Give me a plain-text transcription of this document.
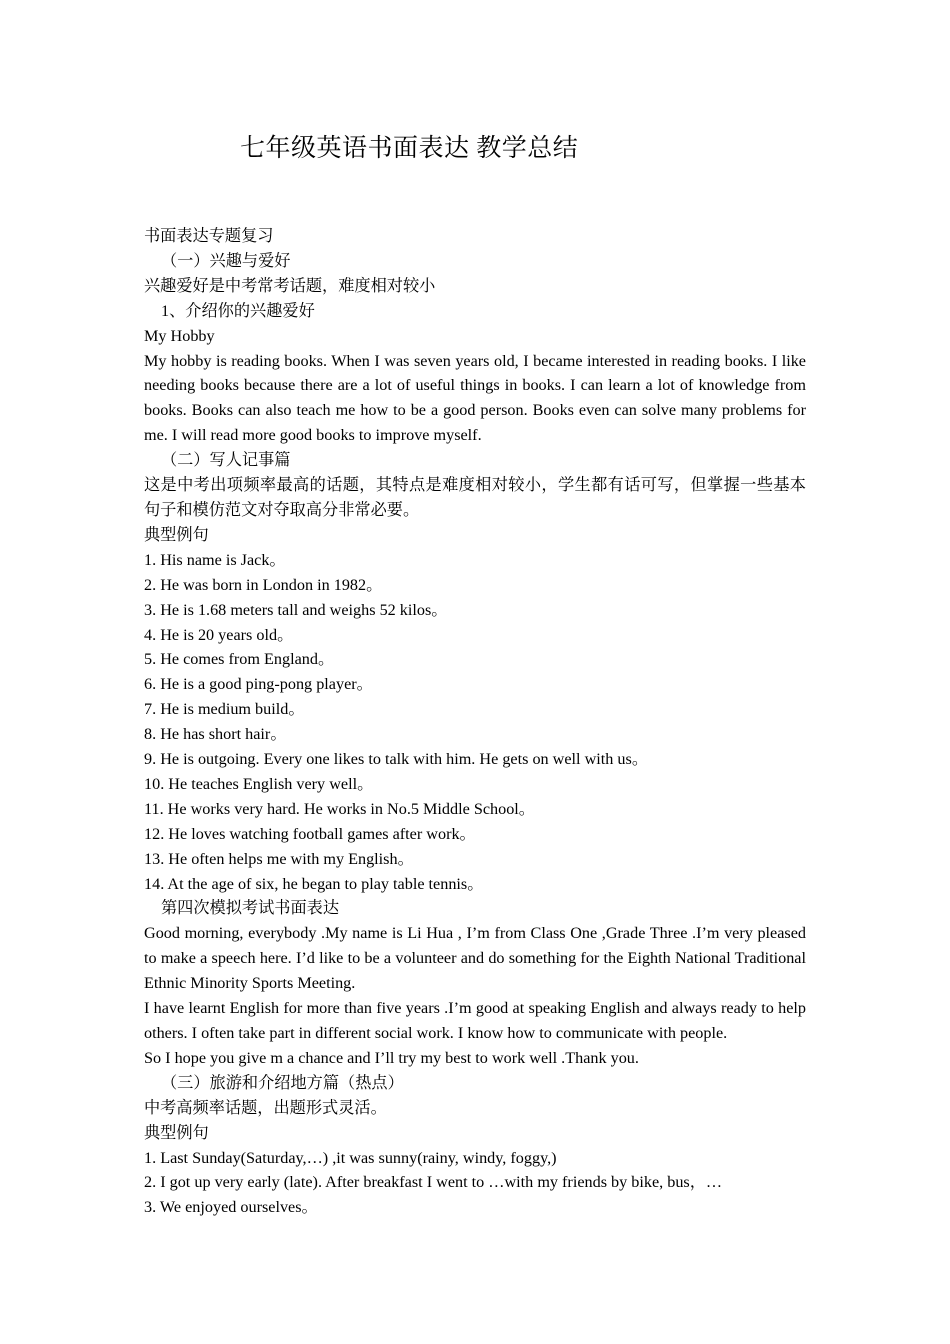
七年级英语书面表达 教学总结
书面表达专题复习
（一）兴趣与爱好
兴趣爱好是中考常考话题，难度相对较小
1、介绍你的兴趣爱好
My Hobby
My hobby is reading books. When I was seven years old, I became interested in reading books. I like needing books because there are a lot of useful things in books. I can learn a lot of knowledge from books. Books can also teach me how to be a good person. Books even can solve many problems for me. I will read more good books to improve myself.
（二）写人记事篇
这是中考出项频率最高的话题，其特点是难度相对较小，学生都有话可写，但掌握一些基本句子和模仿范文对夺取高分非常必要。
典型例句
1. His name is Jack。
2. He was born in London in 1982。
3. He is 1.68 meters tall and weighs 52 kilos。
4. He is 20 years old。
5. He comes from England。
6. He is a good ping-pong player。
7. He is medium build。
8. He has short hair。
9. He is outgoing. Every one likes to talk with him. He gets on well with us。
10. He teaches English very well。
11. He works very hard. He works in No.5 Middle School。
12. He loves watching football games after work。
13. He often helps me with my English。
14. At the age of six, he began to play table tennis。
第四次模拟考试书面表达
Good morning, everybody .My name is Li Hua , I’m from Class One ,Grade Three .I’m very pleased to make a speech here. I’d like to be a volunteer and do something for the Eighth National Traditional Ethnic Minority Sports Meeting.
I have learnt English for more than five years .I’m good at speaking English and always ready to help others. I often take part in different social work. I know how to communicate with people.
So I hope you give m a chance and I’ll try my best to work well .Thank you.
（三）旅游和介绍地方篇（热点）
中考高频率话题，出题形式灵活。
典型例句
1. Last Sunday(Saturday,…) ,it was sunny(rainy, windy, foggy,)
2. I got up very early (late). After breakfast I went to …with my friends by bike, bus，…
3. We enjoyed ourselves。
